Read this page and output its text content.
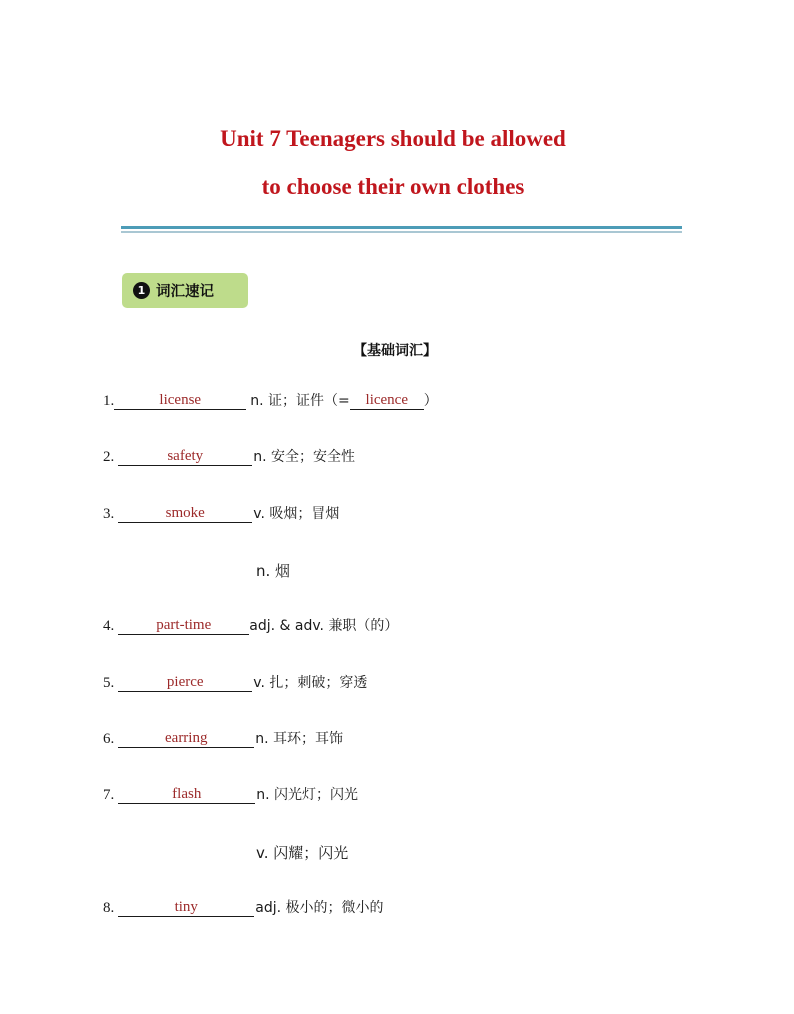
Unit 7 Teenagers should be allowed
to choose their own clothes
1 词汇速记
【基础词汇】
1.	license	n. 证；证件（=	licence	）
2.	safety	n. 安全；安全性
3.	smoke	v. 吸烟；冒烟
n. 烟
4.	part-time	adj. & adv. 兼职（的）
5.	pierce	v. 扎；刺破；穿透
6.	earring	n. 耳环；耳饰
7.	flash	n. 闪光灯；闪光
v. 闪耀；闪光
8.	tiny	adj. 极小的；微小的
